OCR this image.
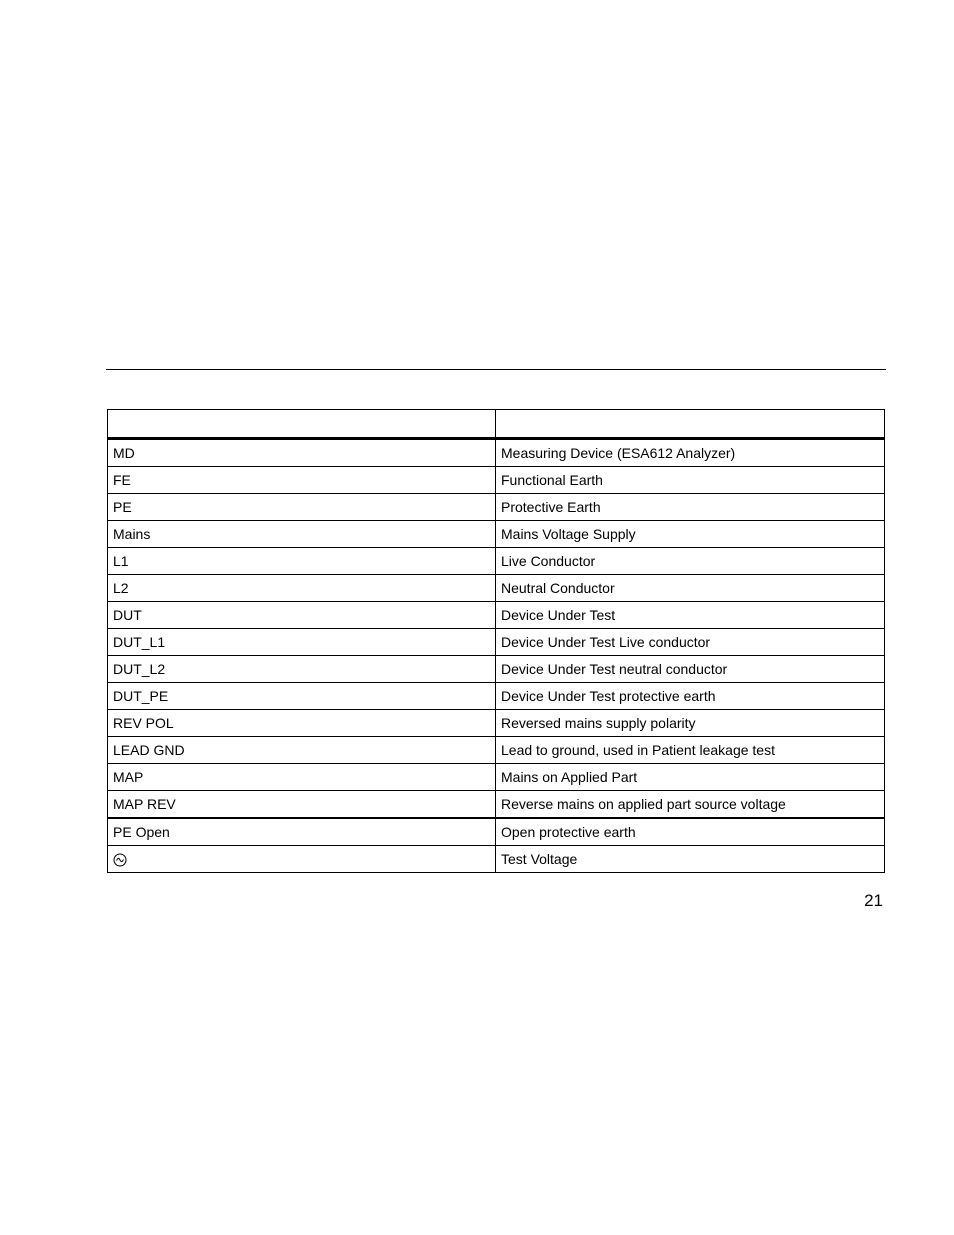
MD	Measuring Device (ESA612 Analyzer)
FE	Functional Earth
PE	Protective Earth
Mains	Mains Voltage Supply
L1	Live Conductor
L2	Neutral Conductor
DUT	Device Under Test
DUT_L1	Device Under Test Live conductor
DUT_L2	Device Under Test neutral conductor
DUT_PE	Device Under Test protective earth
REV POL	Reversed mains supply polarity
LEAD GND	Lead to ground, used in Patient leakage test
MAP	Mains on Applied Part
MAP REV	Reverse mains on applied part source voltage
PE Open	Open protective earth
	Test Voltage
21
